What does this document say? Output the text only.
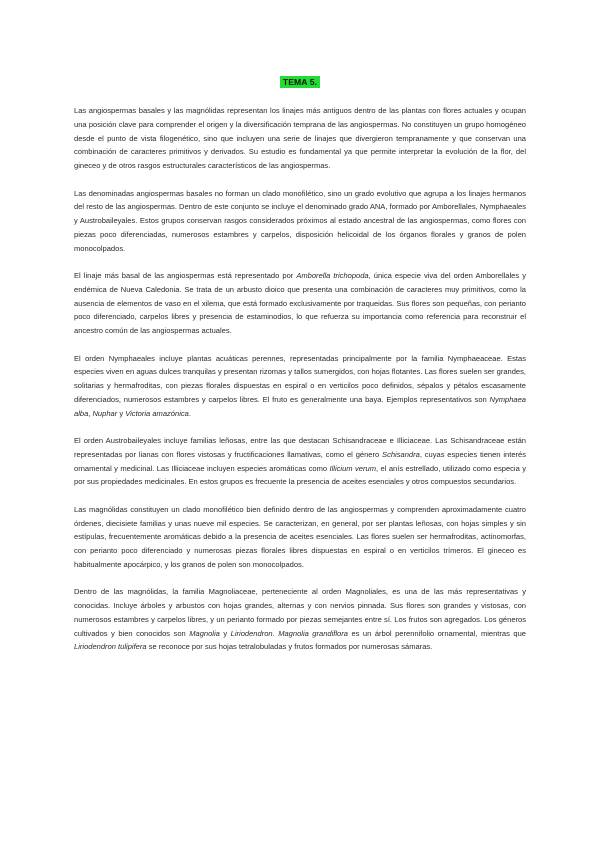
TEMA 5.

Las angiospermas basales y las magnólidas representan los linajes más antiguos dentro de las plantas con flores actuales y ocupan una posición clave para comprender el origen y la diversificación temprana de las angiospermas. No constituyen un grupo homogéneo desde el punto de vista filogenético, sino que incluyen una serie de linajes que divergieron tempranamente y que conservan una combinación de caracteres primitivos y derivados. Su estudio es fundamental ya que permite interpretar la evolución de la flor, del gineceo y de otros rasgos estructurales característicos de las angiospermas.

Las denominadas angiospermas basales no forman un clado monofilético, sino un grado evolutivo que agrupa a los linajes hermanos del resto de las angiospermas. Dentro de este conjunto se incluye el denominado grado ANA, formado por Amborellales, Nymphaeales y Austrobaileyales. Estos grupos conservan rasgos considerados próximos al estado ancestral de las angiospermas, como flores con piezas poco diferenciadas, numerosos estambres y carpelos, disposición helicoidal de los órganos florales y granos de polen monocolpados.

El linaje más basal de las angiospermas está representado por Amborella trichopoda, única especie viva del orden Amborellales y endémica de Nueva Caledonia. Se trata de un arbusto dioico que presenta una combinación de caracteres muy primitivos, como la ausencia de elementos de vaso en el xilema, que está formado exclusivamente por traqueidas. Sus flores son pequeñas, con perianto poco diferenciado, carpelos libres y presencia de estaminodios, lo que refuerza su importancia como referencia para reconstruir el ancestro común de las angiospermas actuales.

El orden Nymphaeales incluye plantas acuáticas perennes, representadas principalmente por la familia Nymphaeaceae. Estas especies viven en aguas dulces tranquilas y presentan rizomas y tallos sumergidos, con hojas flotantes. Las flores suelen ser grandes, solitarias y hermafroditas, con piezas florales dispuestas en espiral o en verticilos poco definidos, sépalos y pétalos escasamente diferenciados, numerosos estambres y carpelos libres. El fruto es generalmente una baya. Ejemplos representativos son Nymphaea alba, Nuphar y Victoria amazónica.

El orden Austrobaileyales incluye familias leñosas, entre las que destacan Schisandraceae e Illiciaceae. Las Schisandraceae están representadas por lianas con flores vistosas y fructificaciones llamativas, como el género Schisandra, cuyas especies tienen interés ornamental y medicinal. Las Illiciaceae incluyen especies aromáticas como Illicium verum, el anís estrellado, utilizado como especia y por sus propiedades medicinales. En estos grupos es frecuente la presencia de aceites esenciales y otros compuestos secundarios.

Las magnólidas constituyen un clado monofilético bien definido dentro de las angiospermas y comprenden aproximadamente cuatro órdenes, diecisiete familias y unas nueve mil especies. Se caracterizan, en general, por ser plantas leñosas, con hojas simples y sin estípulas, frecuentemente aromáticas debido a la presencia de aceites esenciales. Las flores suelen ser hermafroditas, actinomorfas, con perianto poco diferenciado y numerosas piezas florales libres dispuestas en espiral o en verticilos trímeros. El gineceo es habitualmente apocárpico, y los granos de polen son monocolpados.

Dentro de las magnólidas, la familia Magnoliaceae, perteneciente al orden Magnoliales, es una de las más representativas y conocidas. Incluye árboles y arbustos con hojas grandes, alternas y con nervios pinnada. Sus flores son grandes y vistosas, con numerosos estambres y carpelos libres, y un perianto formado por piezas semejantes entre sí. Los frutos son agregados. Los géneros cultivados y bien conocidos son Magnolia y Liriodendron. Magnolia grandiflora es un árbol perennifolio ornamental, mientras que Liriodendron tulipifera se reconoce por sus hojas tetralobuladas y frutos formados por numerosas sámaras.
